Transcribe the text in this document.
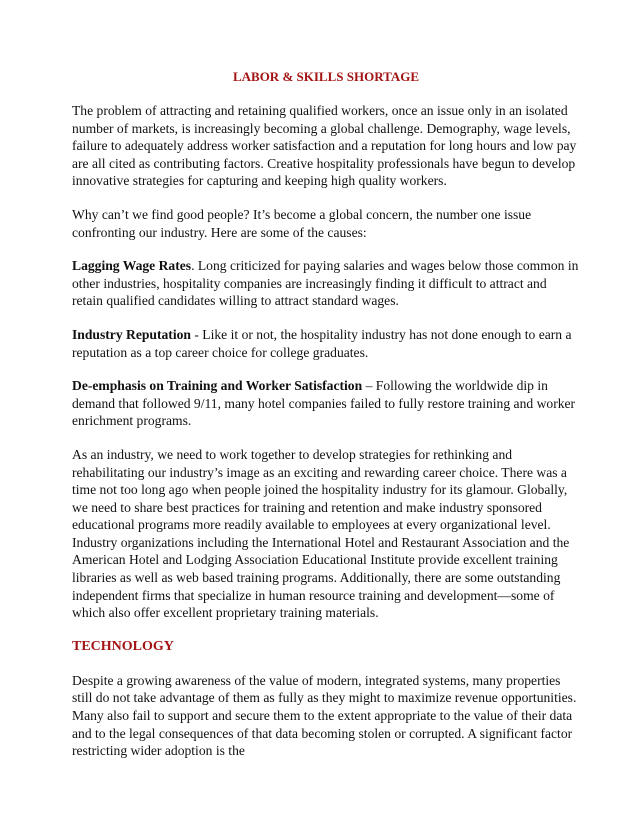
LABOR & SKILLS SHORTAGE

The problem of attracting and retaining qualified workers, once an issue only in an isolated number of markets, is increasingly becoming a global challenge. Demography, wage levels, failure to adequately address worker satisfaction and a reputation for long hours and low pay are all cited as contributing factors. Creative hospitality professionals have begun to develop innovative strategies for capturing and keeping high quality workers.

Why can’t we find good people? It’s become a global concern, the number one issue confronting our industry. Here are some of the causes:

Lagging Wage Rates. Long criticized for paying salaries and wages below those common in other industries, hospitality companies are increasingly finding it difficult to attract and retain qualified candidates willing to attract standard wages.

Industry Reputation - Like it or not, the hospitality industry has not done enough to earn a reputation as a top career choice for college graduates.

De-emphasis on Training and Worker Satisfaction – Following the worldwide dip in demand that followed 9/11, many hotel companies failed to fully restore training and worker enrichment programs.

As an industry, we need to work together to develop strategies for rethinking and rehabilitating our industry’s image as an exciting and rewarding career choice. There was a time not too long ago when people joined the hospitality industry for its glamour. Globally, we need to share best practices for training and retention and make industry sponsored educational programs more readily available to employees at every organizational level. Industry organizations including the International Hotel and Restaurant Association and the American Hotel and Lodging Association Educational Institute provide excellent training libraries as well as web based training programs. Additionally, there are some outstanding independent firms that specialize in human resource training and development—some of which also offer excellent proprietary training materials.

TECHNOLOGY

Despite a growing awareness of the value of modern, integrated systems, many properties still do not take advantage of them as fully as they might to maximize revenue opportunities. Many also fail to support and secure them to the extent appropriate to the value of their data and to the legal consequences of that data becoming stolen or corrupted. A significant factor restricting wider adoption is the
